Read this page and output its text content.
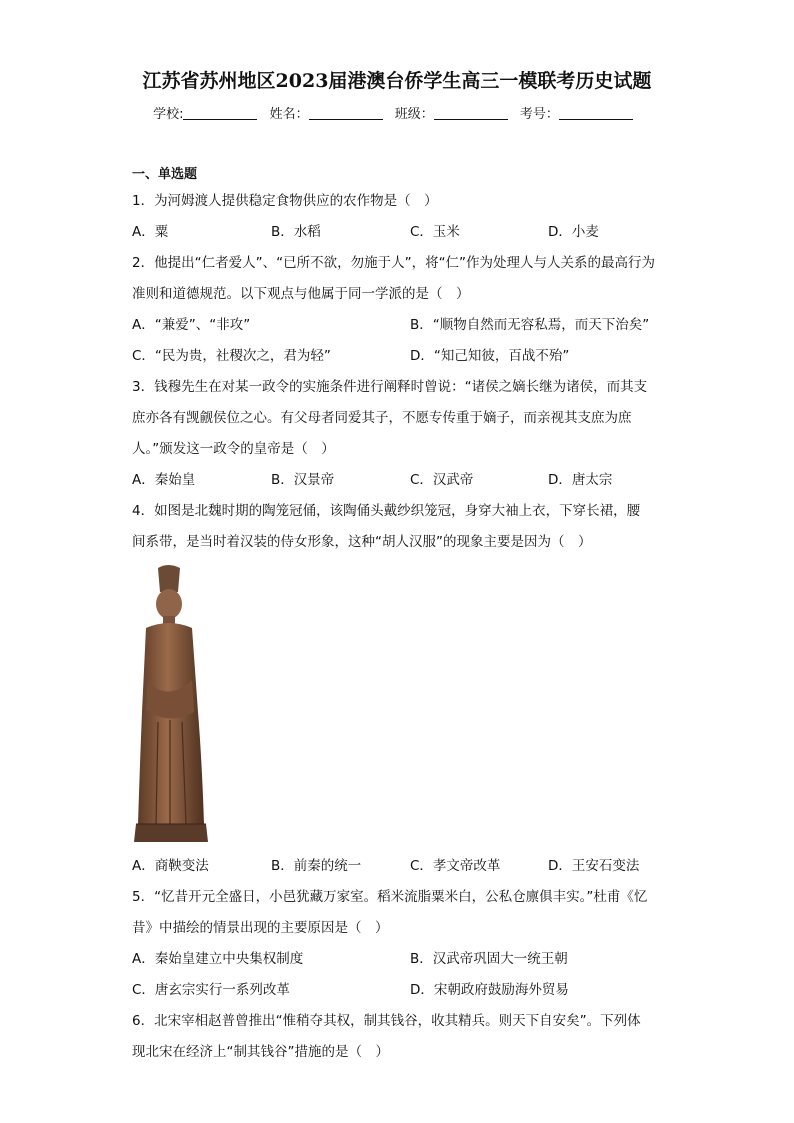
江苏省苏州地区2023届港澳台侨学生高三一模联考历史试题
学校:	姓名：	班级：	考号：
一、单选题
1．为河姆渡人提供稳定食物供应的农作物是（　）
A．粟	B．水稻	C．玉米	D．小麦
2．他提出“仁者爱人”、“已所不欲，勿施于人”，将“仁”作为处理人与人关系的最高行为
准则和道德规范。以下观点与他属于同一学派的是（　）
A．“兼爱”、“非攻”	B．“顺物自然而无容私焉，而天下治矣”
C．“民为贵，社稷次之，君为轻”	D．“知己知彼，百战不殆”
3．钱穆先生在对某一政令的实施条件进行阐释时曾说：“诸侯之嫡长继为诸侯，而其支
庶亦各有觊觎侯位之心。有父母者同爱其子，不愿专传重于嫡子，而亲视其支庶为庶
人。”颁发这一政令的皇帝是（　）
A．秦始皇	B．汉景帝	C．汉武帝	D．唐太宗
4．如图是北魏时期的陶笼冠俑，该陶俑头戴纱织笼冠，身穿大袖上衣，下穿长裙，腰
间系带，是当时着汉装的侍女形象，这种“胡人汉服”的现象主要是因为（　）
A．商鞅变法	B．前秦的统一	C．孝文帝改革	D．王安石变法
5．“忆昔开元全盛日，小邑犹藏万家室。稻米流脂粟米白，公私仓廪俱丰实。”杜甫《忆
昔》中描绘的情景出现的主要原因是（　）
A．秦始皇建立中央集权制度	B．汉武帝巩固大一统王朝
C．唐玄宗实行一系列改革	D．宋朝政府鼓励海外贸易
6．北宋宰相赵普曾推出“惟稍夺其权，制其钱谷，收其精兵。则天下自安矣”。下列体
现北宋在经济上“制其钱谷”措施的是（　）
